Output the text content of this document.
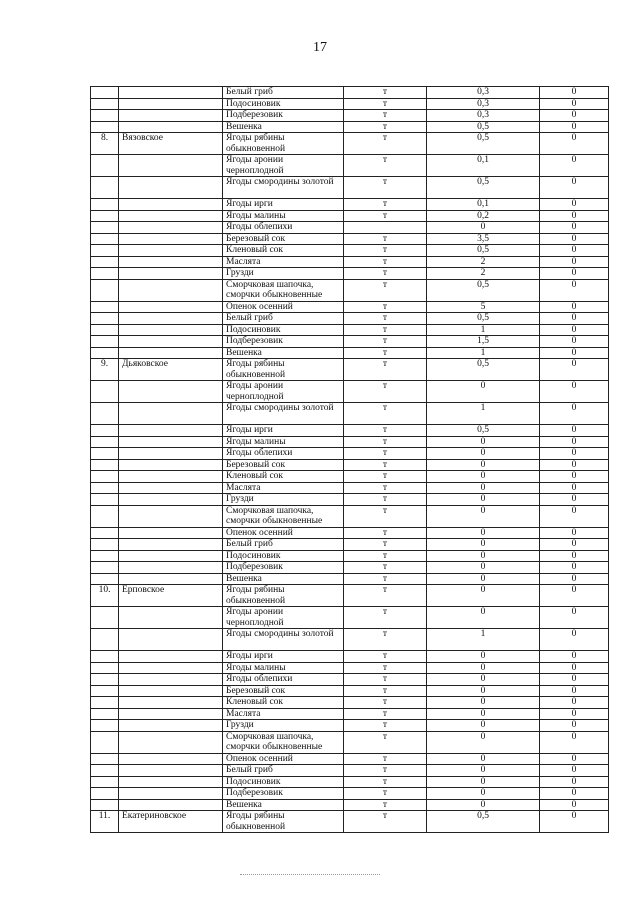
17
		Белый гриб	т	0,3	0
		Подосиновик	т	0,3	0
		Подберезовик	т	0,3	0
		Вешенка	т	0,5	0
8.	Вязовское	Ягоды рябины обыкновенной	т	0,5	0
		Ягоды аронии черноплодной	т	0,1	0
		Ягоды смородины золотой	т	0,5	0
		Ягоды ирги	т	0,1	0
		Ягоды малины	т	0,2	0
		Ягоды облепихи		0	0
		Березовый сок	т	3,5	0
		Кленовый сок	т	0,5	0
		Маслята	т	2	0
		Грузди	т	2	0
		Сморчковая шапочка, сморчки обыкновенные	т	0,5	0
		Опенок осенний	т	5	0
		Белый гриб	т	0,5	0
		Подосиновик	т	1	0
		Подберезовик	т	1,5	0
		Вешенка	т	1	0
9.	Дьяковское	Ягоды рябины обыкновенной	т	0,5	0
		Ягоды аронии черноплодной	т	0	0
		Ягоды смородины золотой	т	1	0
		Ягоды ирги	т	0,5	0
		Ягоды малины	т	0	0
		Ягоды облепихи	т	0	0
		Березовый сок	т	0	0
		Кленовый сок	т	0	0
		Маслята	т	0	0
		Грузди	т	0	0
		Сморчковая шапочка, сморчки обыкновенные	т	0	0
		Опенок осенний	т	0	0
		Белый гриб	т	0	0
		Подосиновик	т	0	0
		Подберезовик	т	0	0
		Вешенка	т	0	0
10.	Ерповское	Ягоды рябины обыкновенной	т	0	0
		Ягоды аронии черноплодной	т	0	0
		Ягоды смородины золотой	т	1	0
		Ягоды ирги	т	0	0
		Ягоды малины	т	0	0
		Ягоды облепихи	т	0	0
		Березовый сок	т	0	0
		Кленовый сок	т	0	0
		Маслята	т	0	0
		Грузди	т	0	0
		Сморчковая шапочка, сморчки обыкновенные	т	0	0
		Опенок осенний	т	0	0
		Белый гриб	т	0	0
		Подосиновик	т	0	0
		Подберезовик	т	0	0
		Вешенка	т	0	0
11.	Екатериновское	Ягоды рябины обыкновенной	т	0,5	0
